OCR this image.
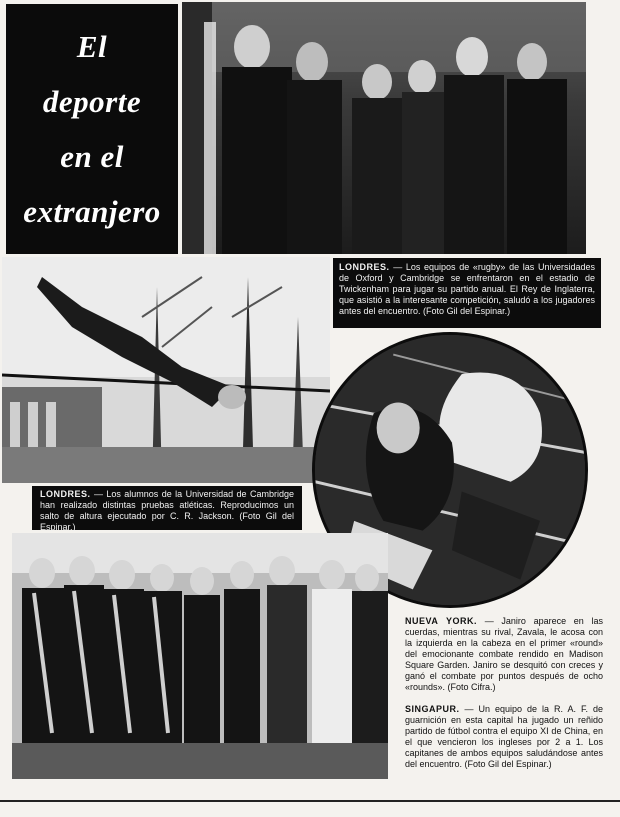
El
deporte
en el
extranjero
LONDRES. — Los equipos de «rugby» de las Universidades de Oxford y Cambridge se enfrentaron en el estadio de Twickenham para jugar su partido anual. El Rey de Inglaterra, que asistió a la interesante competición, saludó a los jugadores antes del encuentro. (Foto Gil del Espinar.)
LONDRES. — Los alumnos de la Universidad de Cambridge han realizado distintas pruebas atléticas. Reproducimos un salto de altura ejecutado por C. R. Jackson. (Foto Gil del Espinar.)
NUEVA YORK. — Janiro aparece en las cuerdas, mientras su rival, Zavala, le acosa con la izquierda en la cabeza en el primer «round» del emocionante combate rendido en Madison Square Garden. Janiro se desquitó con creces y ganó el combate por puntos después de ocho «rounds». (Foto Cifra.)
SINGAPUR. — Un equipo de la R. A. F. de guarnición en esta capital ha jugado un reñido partido de fútbol contra el equipo XI de China, en el que vencieron los ingleses por 2 a 1. Los capitanes de ambos equipos saludándose antes del encuentro. (Foto Gil del Espinar.)
